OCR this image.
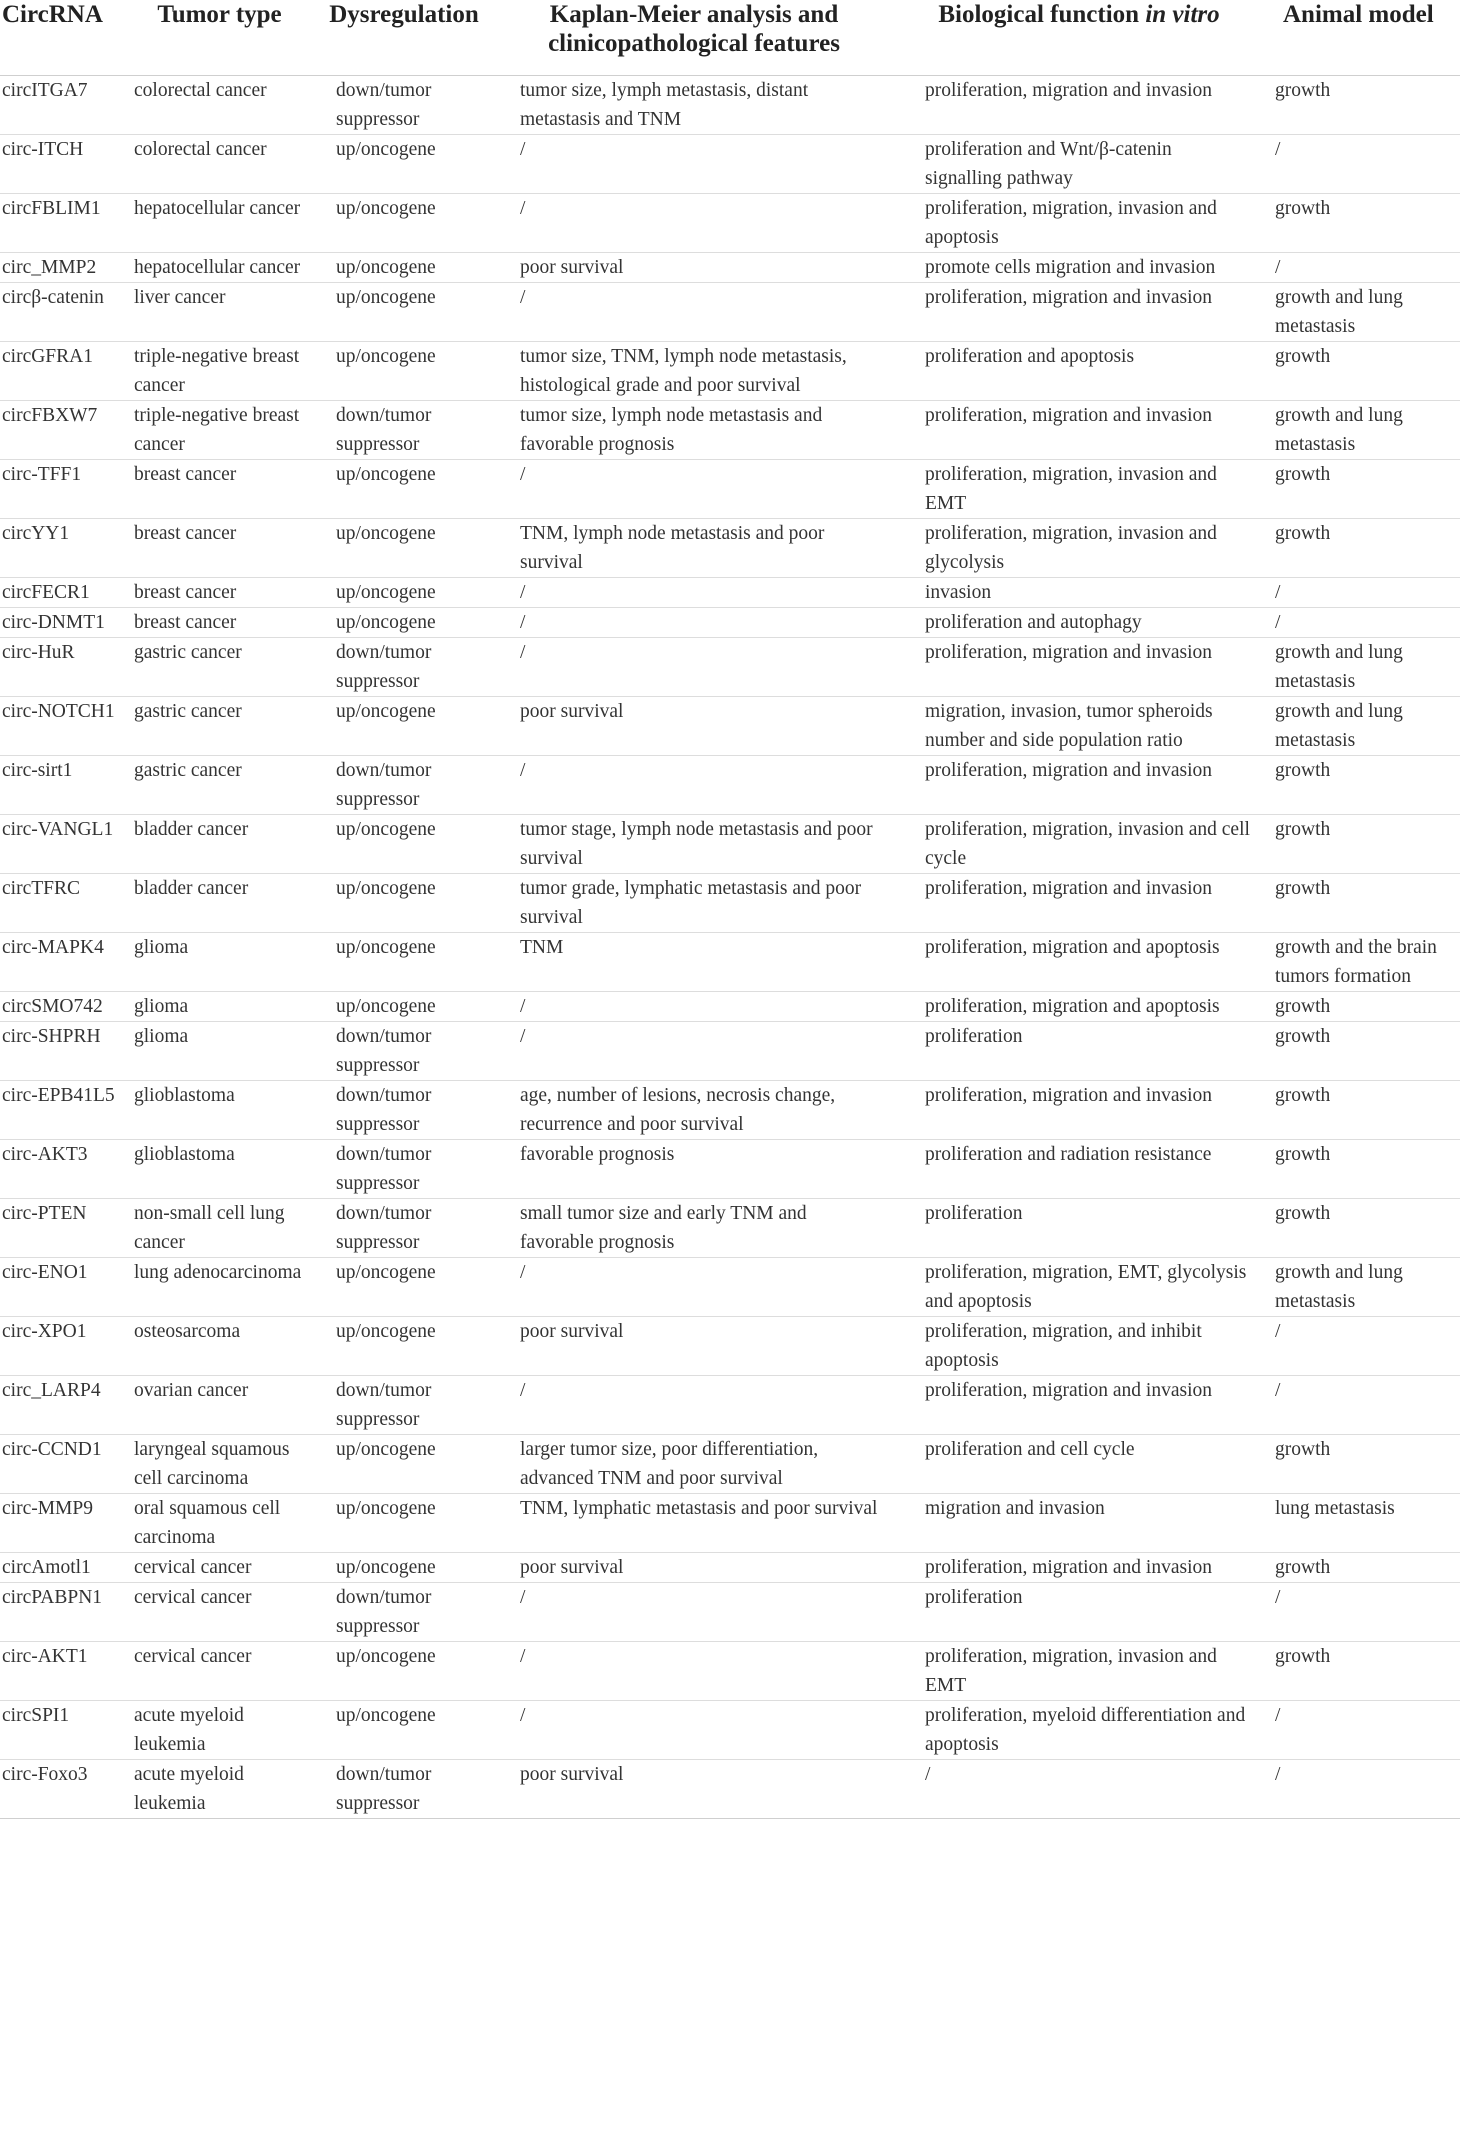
CircRNA	Tumor type	Dysregulation	Kaplan-Meier analysis and clinicopathological features	Biological function in vitro	Animal model
circITGA7	colorectal cancer	down/tumor suppressor	tumor size, lymph metastasis, distant metastasis and TNM	proliferation, migration and invasion	growth
circ-ITCH	colorectal cancer	up/oncogene	/	proliferation and Wnt/β-catenin signalling pathway	/
circFBLIM1	hepatocellular cancer	up/oncogene	/	proliferation, migration, invasion and apoptosis	growth
circ_MMP2	hepatocellular cancer	up/oncogene	poor survival	promote cells migration and invasion	/
circβ-catenin	liver cancer	up/oncogene	/	proliferation, migration and invasion	growth and lung metastasis
circGFRA1	triple-negative breast cancer	up/oncogene	tumor size, TNM, lymph node metastasis, histological grade and poor survival	proliferation and apoptosis	growth
circFBXW7	triple-negative breast cancer	down/tumor suppressor	tumor size, lymph node metastasis and favorable prognosis	proliferation, migration and invasion	growth and lung metastasis
circ-TFF1	breast cancer	up/oncogene	/	proliferation, migration, invasion and EMT	growth
circYY1	breast cancer	up/oncogene	TNM, lymph node metastasis and poor survival	proliferation, migration, invasion and glycolysis	growth
circFECR1	breast cancer	up/oncogene	/	invasion	/
circ-DNMT1	breast cancer	up/oncogene	/	proliferation and autophagy	/
circ-HuR	gastric cancer	down/tumor suppressor	/	proliferation, migration and invasion	growth and lung metastasis
circ-NOTCH1	gastric cancer	up/oncogene	poor survival	migration, invasion, tumor spheroids number and side population ratio	growth and lung metastasis
circ-sirt1	gastric cancer	down/tumor suppressor	/	proliferation, migration and invasion	growth
circ-VANGL1	bladder cancer	up/oncogene	tumor stage, lymph node metastasis and poor survival	proliferation, migration, invasion and cell cycle	growth
circTFRC	bladder cancer	up/oncogene	tumor grade, lymphatic metastasis and poor survival	proliferation, migration and invasion	growth
circ-MAPK4	glioma	up/oncogene	TNM	proliferation, migration and apoptosis	growth and the brain tumors formation
circSMO742	glioma	up/oncogene	/	proliferation, migration and apoptosis	growth
circ-SHPRH	glioma	down/tumor suppressor	/	proliferation	growth
circ-EPB41L5	glioblastoma	down/tumor suppressor	age, number of lesions, necrosis change, recurrence and poor survival	proliferation, migration and invasion	growth
circ-AKT3	glioblastoma	down/tumor suppressor	favorable prognosis	proliferation and radiation resistance	growth
circ-PTEN	non-small cell lung cancer	down/tumor suppressor	small tumor size and early TNM and favorable prognosis	proliferation	growth
circ-ENO1	lung adenocarcinoma	up/oncogene	/	proliferation, migration, EMT, glycolysis and apoptosis	growth and lung metastasis
circ-XPO1	osteosarcoma	up/oncogene	poor survival	proliferation, migration, and inhibit apoptosis	/
circ_LARP4	ovarian cancer	down/tumor suppressor	/	proliferation, migration and invasion	/
circ-CCND1	laryngeal squamous cell carcinoma	up/oncogene	larger tumor size, poor differentiation, advanced TNM and poor survival	proliferation and cell cycle	growth
circ-MMP9	oral squamous cell carcinoma	up/oncogene	TNM, lymphatic metastasis and poor survival	migration and invasion	lung metastasis
circAmotl1	cervical cancer	up/oncogene	poor survival	proliferation, migration and invasion	growth
circPABPN1	cervical cancer	down/tumor suppressor	/	proliferation	/
circ-AKT1	cervical cancer	up/oncogene	/	proliferation, migration, invasion and EMT	growth
circSPI1	acute myeloid leukemia	up/oncogene	/	proliferation, myeloid differentiation and apoptosis	/
circ-Foxo3	acute myeloid leukemia	down/tumor suppressor	poor survival	/	/
